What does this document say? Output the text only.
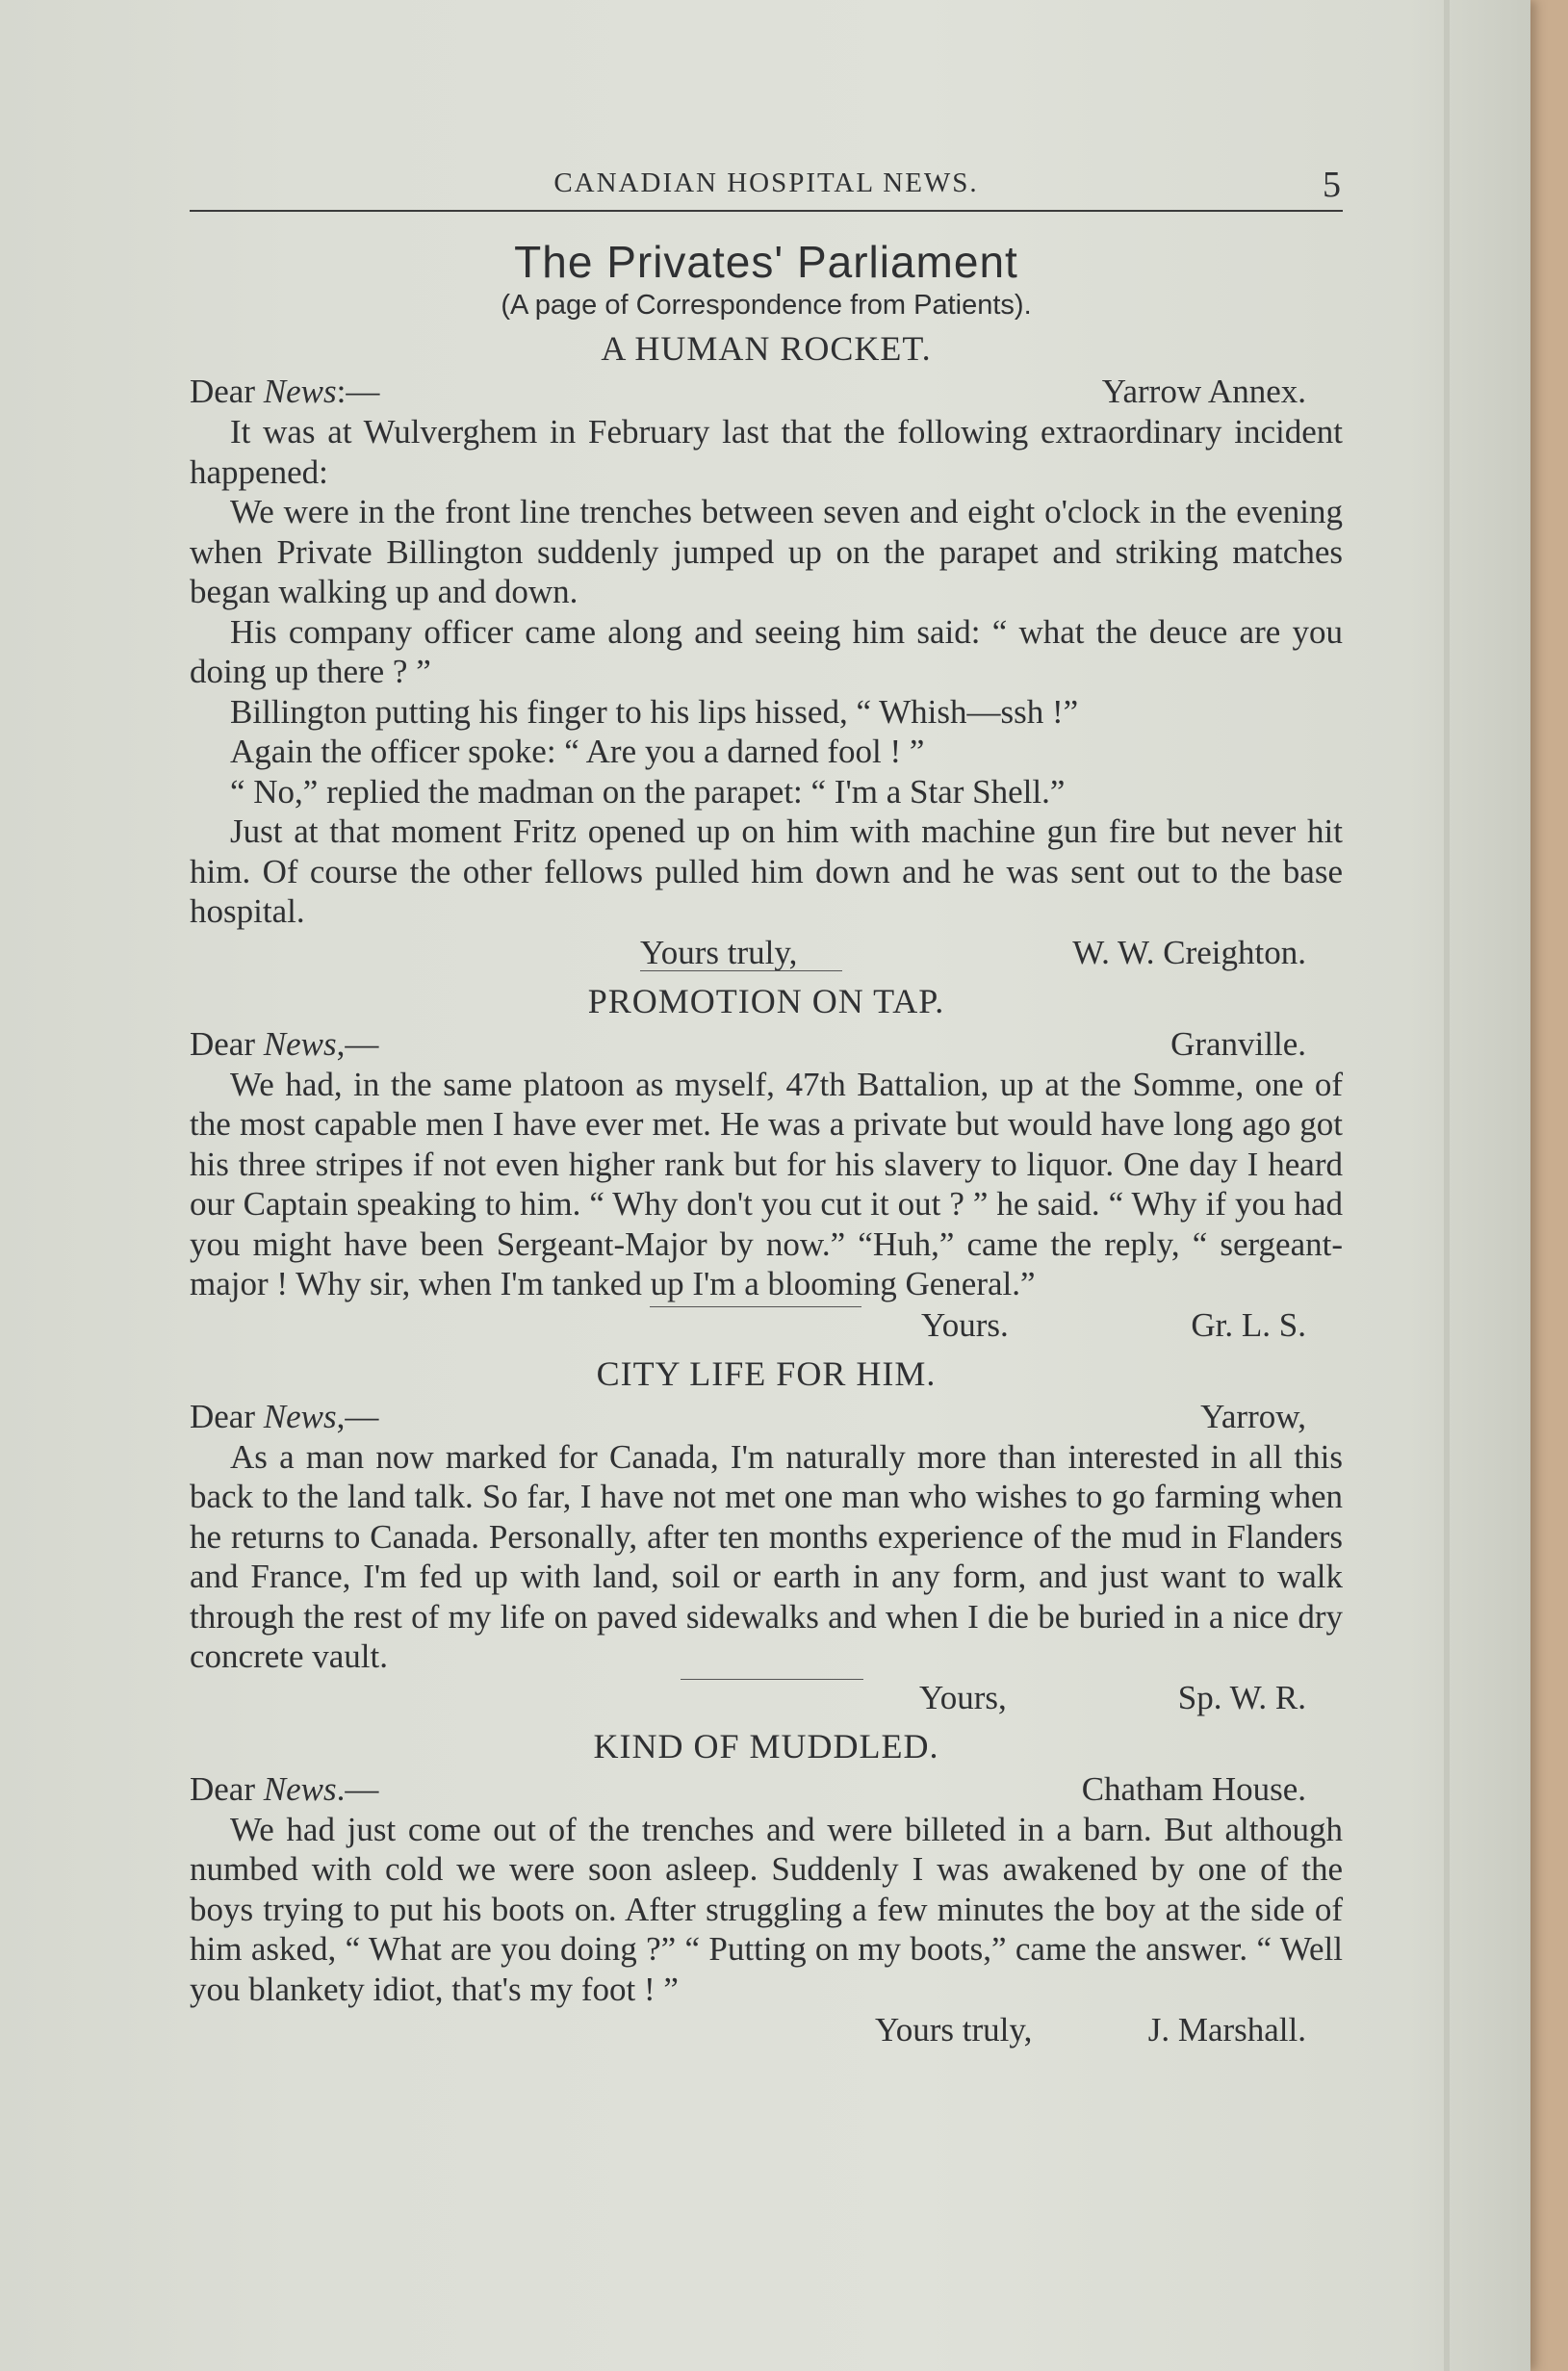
CANADIAN HOSPITAL NEWS.	5
The Privates' Parliament
(A page of Correspondence from Patients).
A HUMAN ROCKET.
Dear News:—	Yarrow Annex.

It was at Wulverghem in February last that the following extraordinary incident happened:

We were in the front line trenches between seven and eight o'clock in the evening when Private Billington suddenly jumped up on the parapet and striking matches began walking up and down.

His company officer came along and seeing him said: “ what the deuce are you doing up there ? ”

Billington putting his finger to his lips hissed, “ Whish—ssh !”

Again the officer spoke: “ Are you a darned fool ! ”

“ No,” replied the madman on the parapet: “ I'm a Star Shell.”

Just at that moment Fritz opened up on him with machine gun fire but never hit him. Of course the other fellows pulled him down and he was sent out to the base hospital.

Yours truly,	W. W. Creighton.
PROMOTION ON TAP.
Dear News,—	Granville.

We had, in the same platoon as myself, 47th Battalion, up at the Somme, one of the most capable men I have ever met. He was a private but would have long ago got his three stripes if not even higher rank but for his slavery to liquor. One day I heard our Captain speaking to him. “ Why don't you cut it out ? ” he said. “ Why if you had you might have been Sergeant-Major by now.” “Huh,” came the reply, “ sergeant-major ! Why sir, when I'm tanked up I'm a blooming General.”

Yours.	Gr. L. S.
CITY LIFE FOR HIM.
Dear News,—	Yarrow,

As a man now marked for Canada, I'm naturally more than interested in all this back to the land talk. So far, I have not met one man who wishes to go farming when he returns to Canada. Personally, after ten months experience of the mud in Flanders and France, I'm fed up with land, soil or earth in any form, and just want to walk through the rest of my life on paved sidewalks and when I die be buried in a nice dry concrete vault.

Yours,	Sp. W. R.
KIND OF MUDDLED.
Dear News.—	Chatham House.

We had just come out of the trenches and were billeted in a barn. But although numbed with cold we were soon asleep. Suddenly I was awakened by one of the boys trying to put his boots on. After struggling a few minutes the boy at the side of him asked, “ What are you doing ?” “ Putting on my boots,” came the answer. “ Well you blankety idiot, that's my foot ! ”

Yours truly,	J. Marshall.
